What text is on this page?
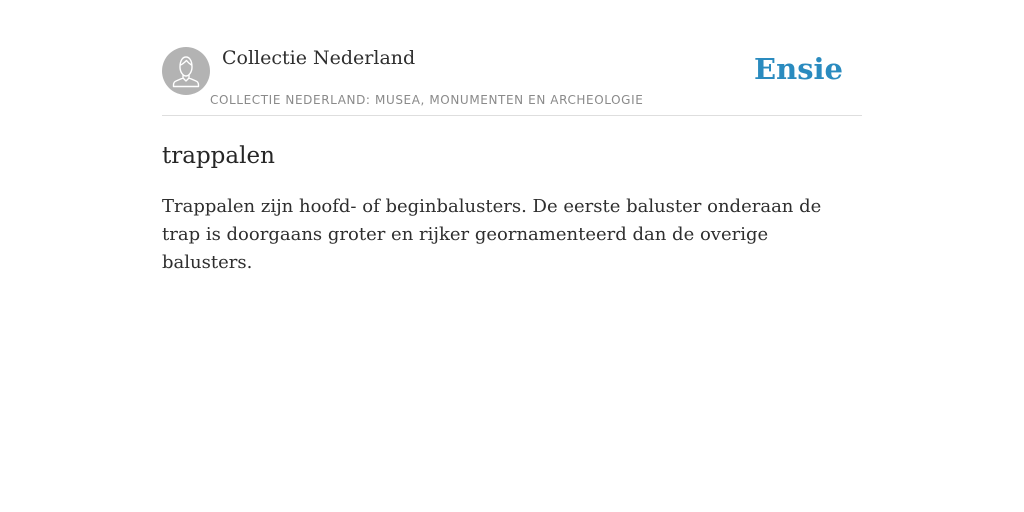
Collectie Nederland
COLLECTIE NEDERLAND: MUSEA, MONUMENTEN EN ARCHEOLOGIE
Ensie
trappalen

Trappalen zijn hoofd- of beginbalusters. De eerste baluster onderaan de trap is doorgaans groter en rijker geornamenteerd dan de overige balusters.
